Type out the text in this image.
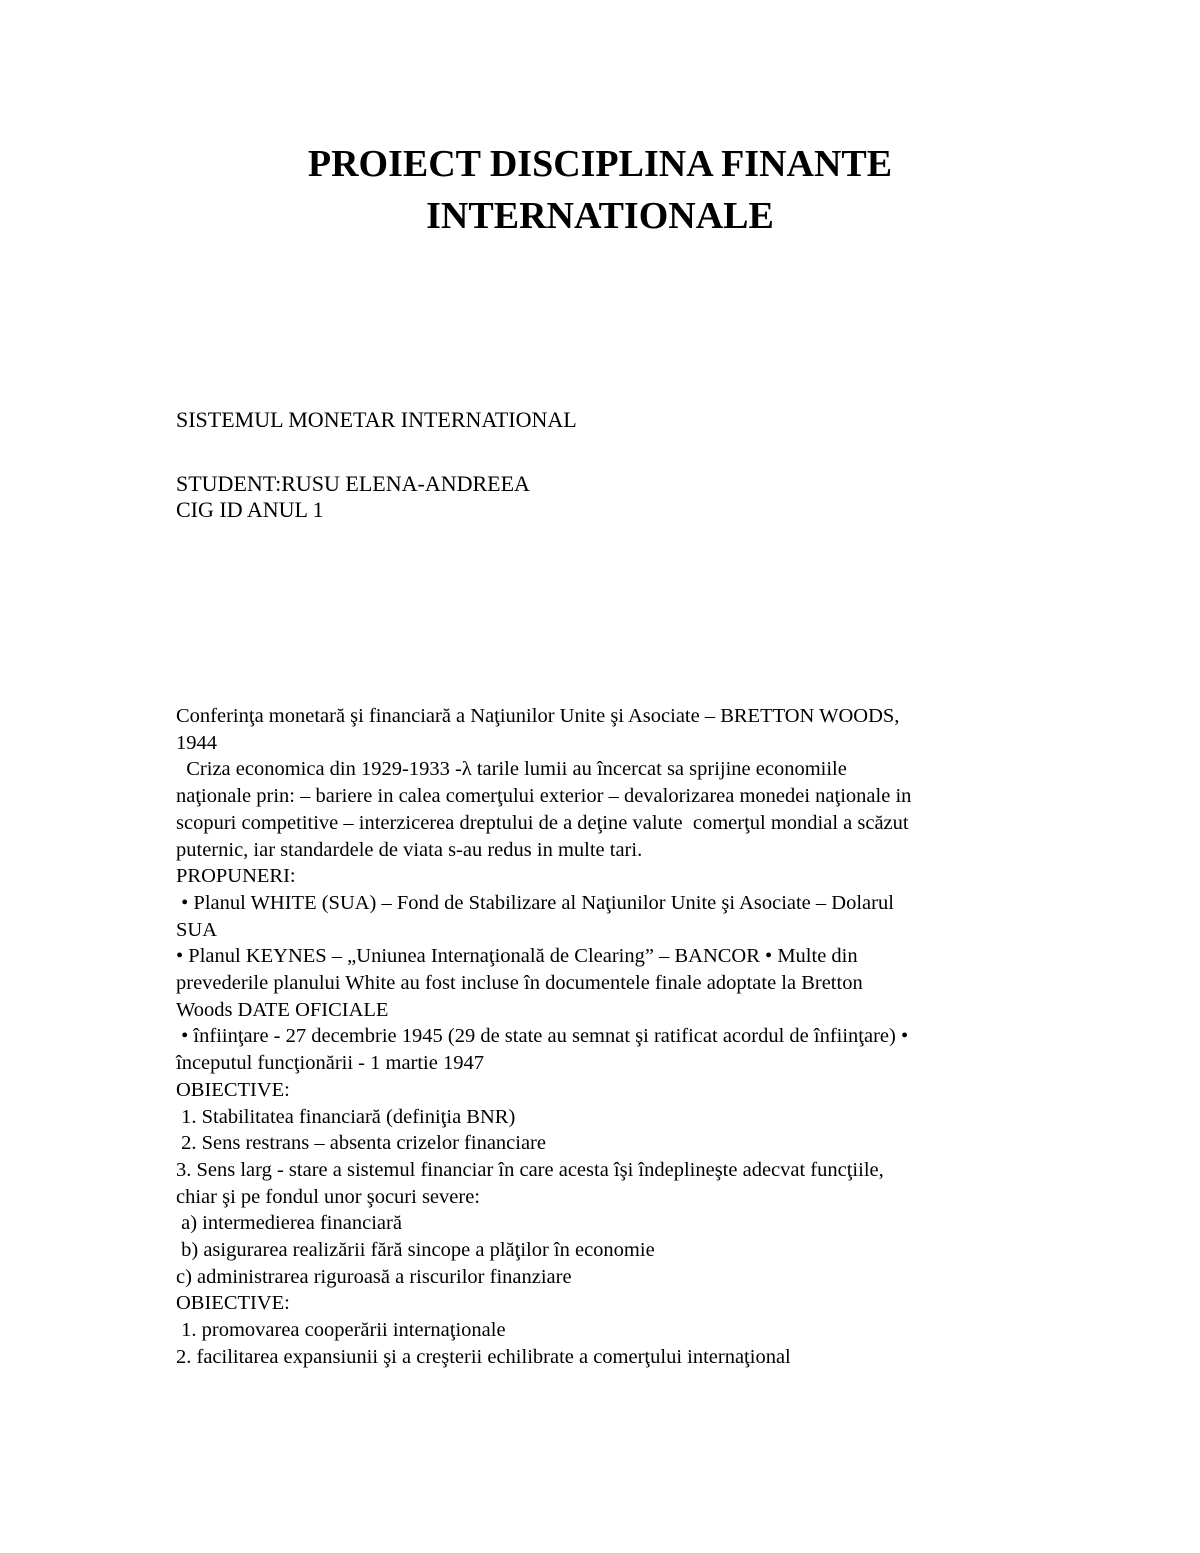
PROIECT DISCIPLINA FINANTE
INTERNATIONALE
SISTEMUL MONETAR INTERNATIONAL
STUDENT:RUSU ELENA-ANDREEA
CIG ID ANUL 1
Conferinţa monetară şi financiară a Naţiunilor Unite şi Asociate – BRETTON WOODS,
1944
Criza economica din 1929-1933 -λ tarile lumii au încercat sa sprijine economiile
naţionale prin: – bariere in calea comerţului exterior – devalorizarea monedei naţionale in
scopuri competitive – interzicerea dreptului de a deţine valute  comerţul mondial a scăzut
puternic, iar standardele de viata s-au redus in multe tari.
PROPUNERI:
• Planul WHITE (SUA) – Fond de Stabilizare al Naţiunilor Unite şi Asociate – Dolarul
SUA
• Planul KEYNES – „Uniunea Internaţională de Clearing” – BANCOR • Multe din
prevederile planului White au fost incluse în documentele finale adoptate la Bretton
Woods DATE OFICIALE
• înfiinţare - 27 decembrie 1945 (29 de state au semnat şi ratificat acordul de înfiinţare) •
începutul funcţionării - 1 martie 1947
OBIECTIVE:
1. Stabilitatea financiară (definiţia BNR)
2. Sens restrans – absenta crizelor financiare
3. Sens larg - stare a sistemul financiar în care acesta îşi îndeplineşte adecvat funcţiile,
chiar şi pe fondul unor şocuri severe:
a) intermedierea financiară
b) asigurarea realizării fără sincope a plăţilor în economie
c) administrarea riguroasă a riscurilor finanziare
OBIECTIVE:
1. promovarea cooperării internaţionale
2. facilitarea expansiunii şi a creşterii echilibrate a comerţului internaţional
